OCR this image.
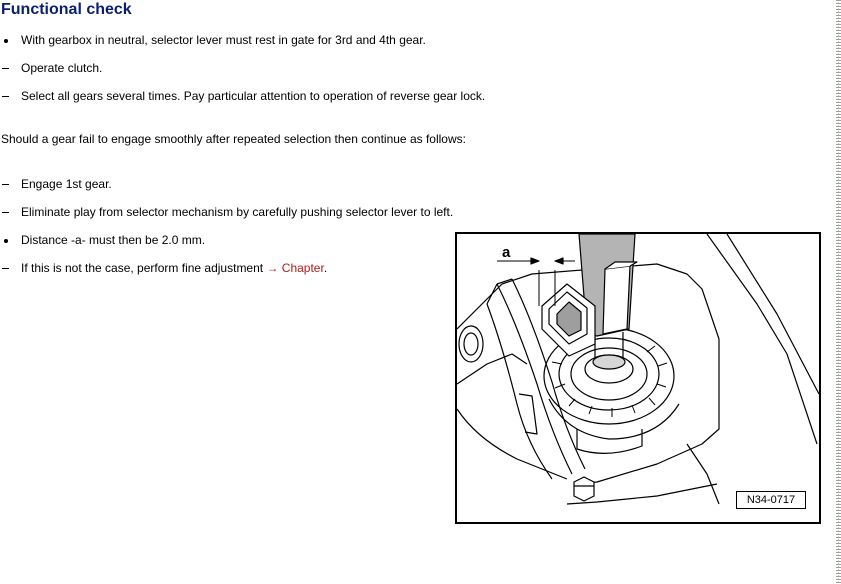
Functional check
With gearbox in neutral, selector lever must rest in gate for 3rd and 4th gear.
Operate clutch.
Select all gears several times. Pay particular attention to operation of reverse gear lock.
Should a gear fail to engage smoothly after repeated selection then continue as follows:
Engage 1st gear.
Eliminate play from selector mechanism by carefully pushing selector lever to left.
Distance -a- must then be 2.0 mm.
If this is not the case, perform fine adjustment → Chapter.
a
N34-0717
